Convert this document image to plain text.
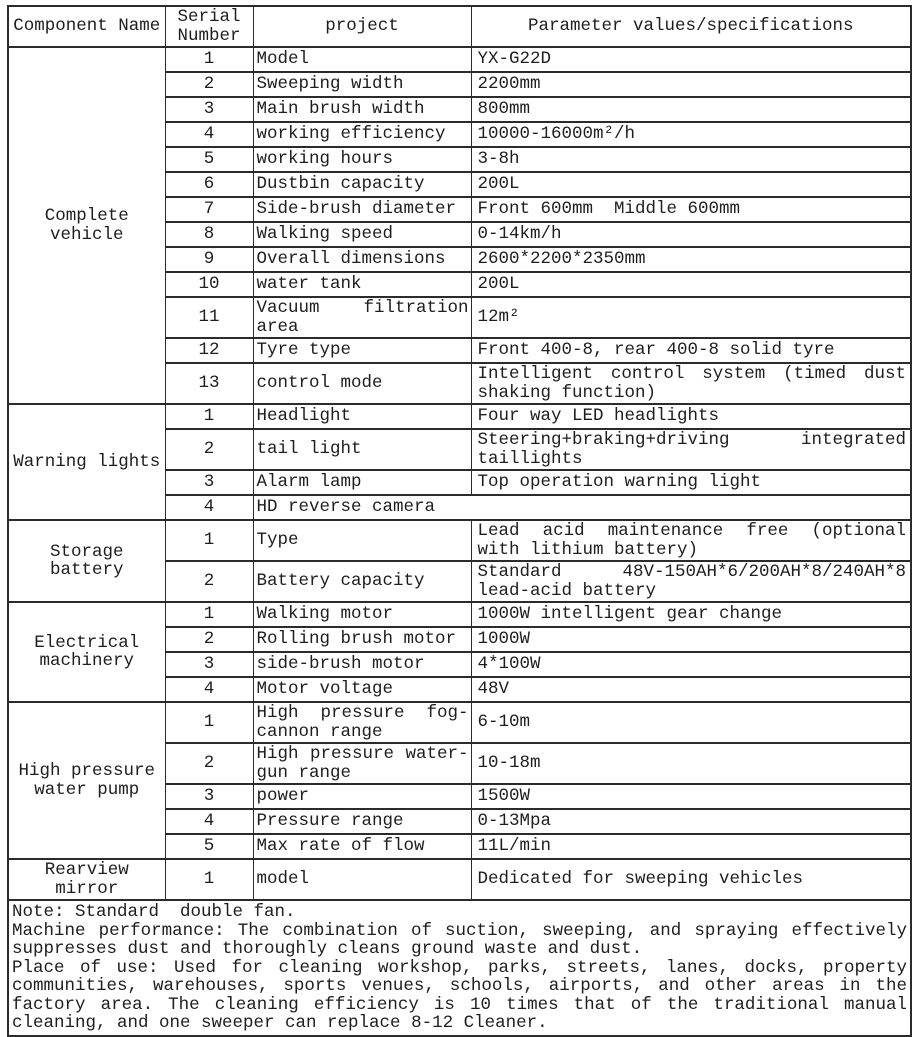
Component Name	Serial Number	project	Parameter values/specifications
Complete vehicle	1	Model	YX-G22D
	2	Sweeping width	2200mm
	3	Main brush width	800mm
	4	working efficiency	10000-16000m²/h
	5	working hours	3-8h
	6	Dustbin capacity	200L
	7	Side-brush diameter	Front 600mm  Middle 600mm
	8	Walking speed	0-14km/h
	9	Overall dimensions	2600*2200*2350mm
	10	water tank	200L
	11	Vacuum filtration area	12m²
	12	Tyre type	Front 400-8, rear 400-8 solid tyre
	13	control mode	Intelligent control system (timed dust shaking function)
Warning lights	1	Headlight	Four way LED headlights
	2	tail light	Steering+braking+driving integrated taillights
	3	Alarm lamp	Top operation warning light
	4	HD reverse camera	
Storage battery	1	Type	Lead acid maintenance free (optional with lithium battery)
	2	Battery capacity	Standard 48V-150AH*6/200AH*8/240AH*8 lead-acid battery
Electrical machinery	1	Walking motor	1000W intelligent gear change
	2	Rolling brush motor	1000W
	3	side-brush motor	4*100W
	4	Motor voltage	48V
High pressure water pump	1	High pressure fog-cannon range	6-10m
	2	High pressure water-gun range	10-18m
	3	power	1500W
	4	Pressure range	0-13Mpa
	5	Max rate of flow	11L/min
Rearview mirror	1	model	Dedicated for sweeping vehicles

Note: Standard  double fan.
Machine performance: The combination of suction, sweeping, and spraying effectively suppresses dust and thoroughly cleans ground waste and dust.
Place of use: Used for cleaning workshop, parks, streets, lanes, docks, property communities, warehouses, sports venues, schools, airports, and other areas in the factory area. The cleaning efficiency is 10 times that of the traditional manual cleaning, and one sweeper can replace 8-12 Cleaner.			
